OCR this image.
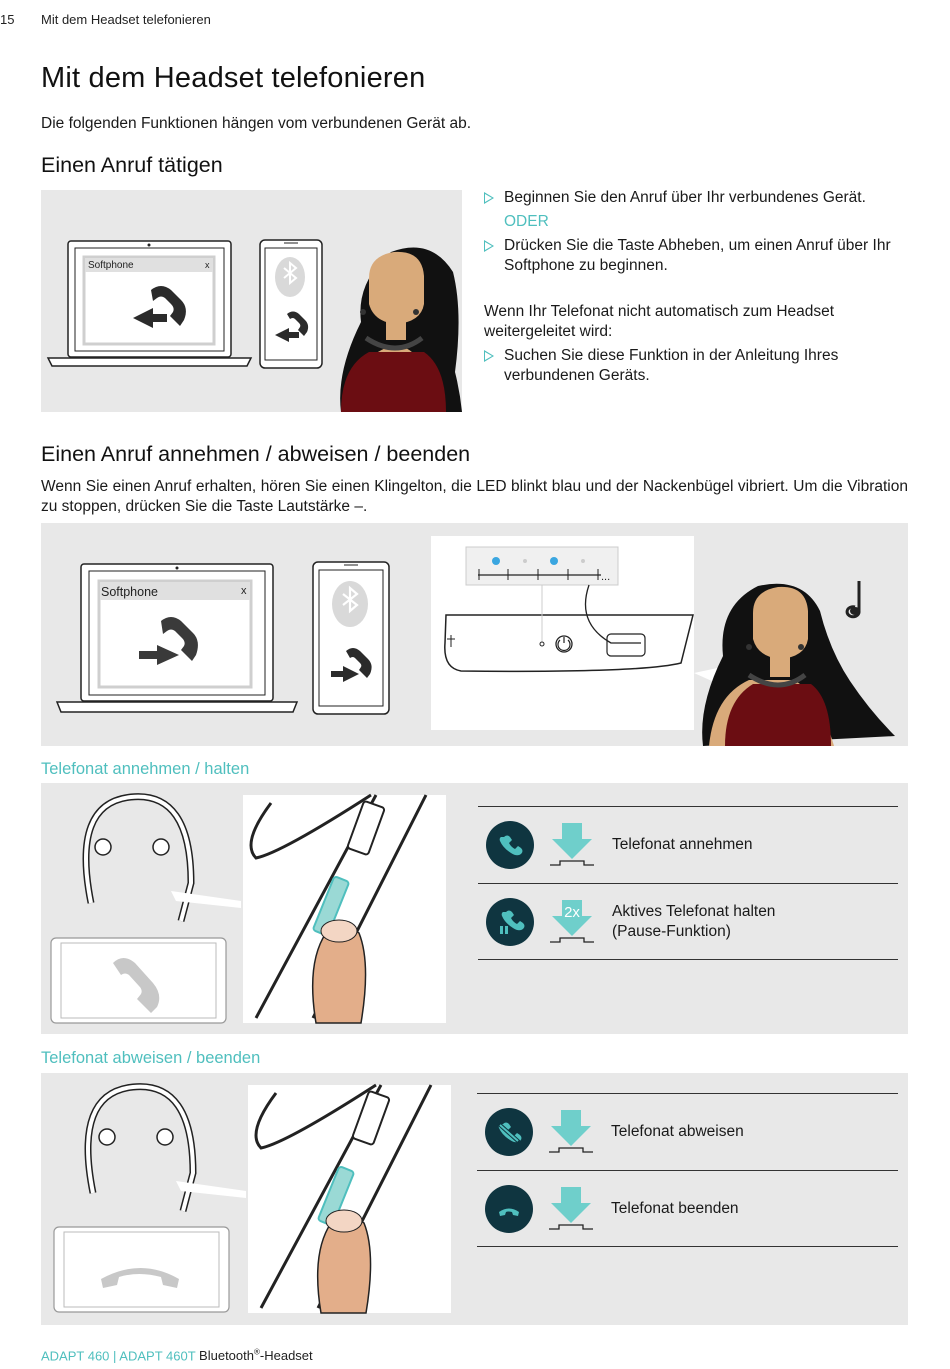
15 Mit dem Headset telefonieren
Mit dem Headset telefonieren
Die folgenden Funktionen hängen vom verbundenen Gerät ab.
Einen Anruf tätigen
Beginnen Sie den Anruf über Ihr verbundenes Gerät.
ODER
Drücken Sie die Taste Abheben, um einen Anruf über Ihr Softphone zu beginnen.
Wenn Ihr Telefonat nicht automatisch zum Headset weitergeleitet wird:
Suchen Sie diese Funktion in der Anleitung Ihres verbundenen Geräts.
Einen Anruf annehmen / abweisen / beenden
Wenn Sie einen Anruf erhalten, hören Sie einen Klingelton, die LED blinkt blau und der Nackenbügel vibriert. Um die Vibration zu stoppen, drücken Sie die Taste Lautstärke –.
...
Softphone	x
Softphone	x
Telefonat annehmen / halten
Telefonat annehmen
2x Aktives Telefonat halten
(Pause-Funktion)
Telefonat abweisen / beenden
Telefonat abweisen
Telefonat beenden
ADAPT 460 | ADAPT 460T Bluetooth®-Headset
